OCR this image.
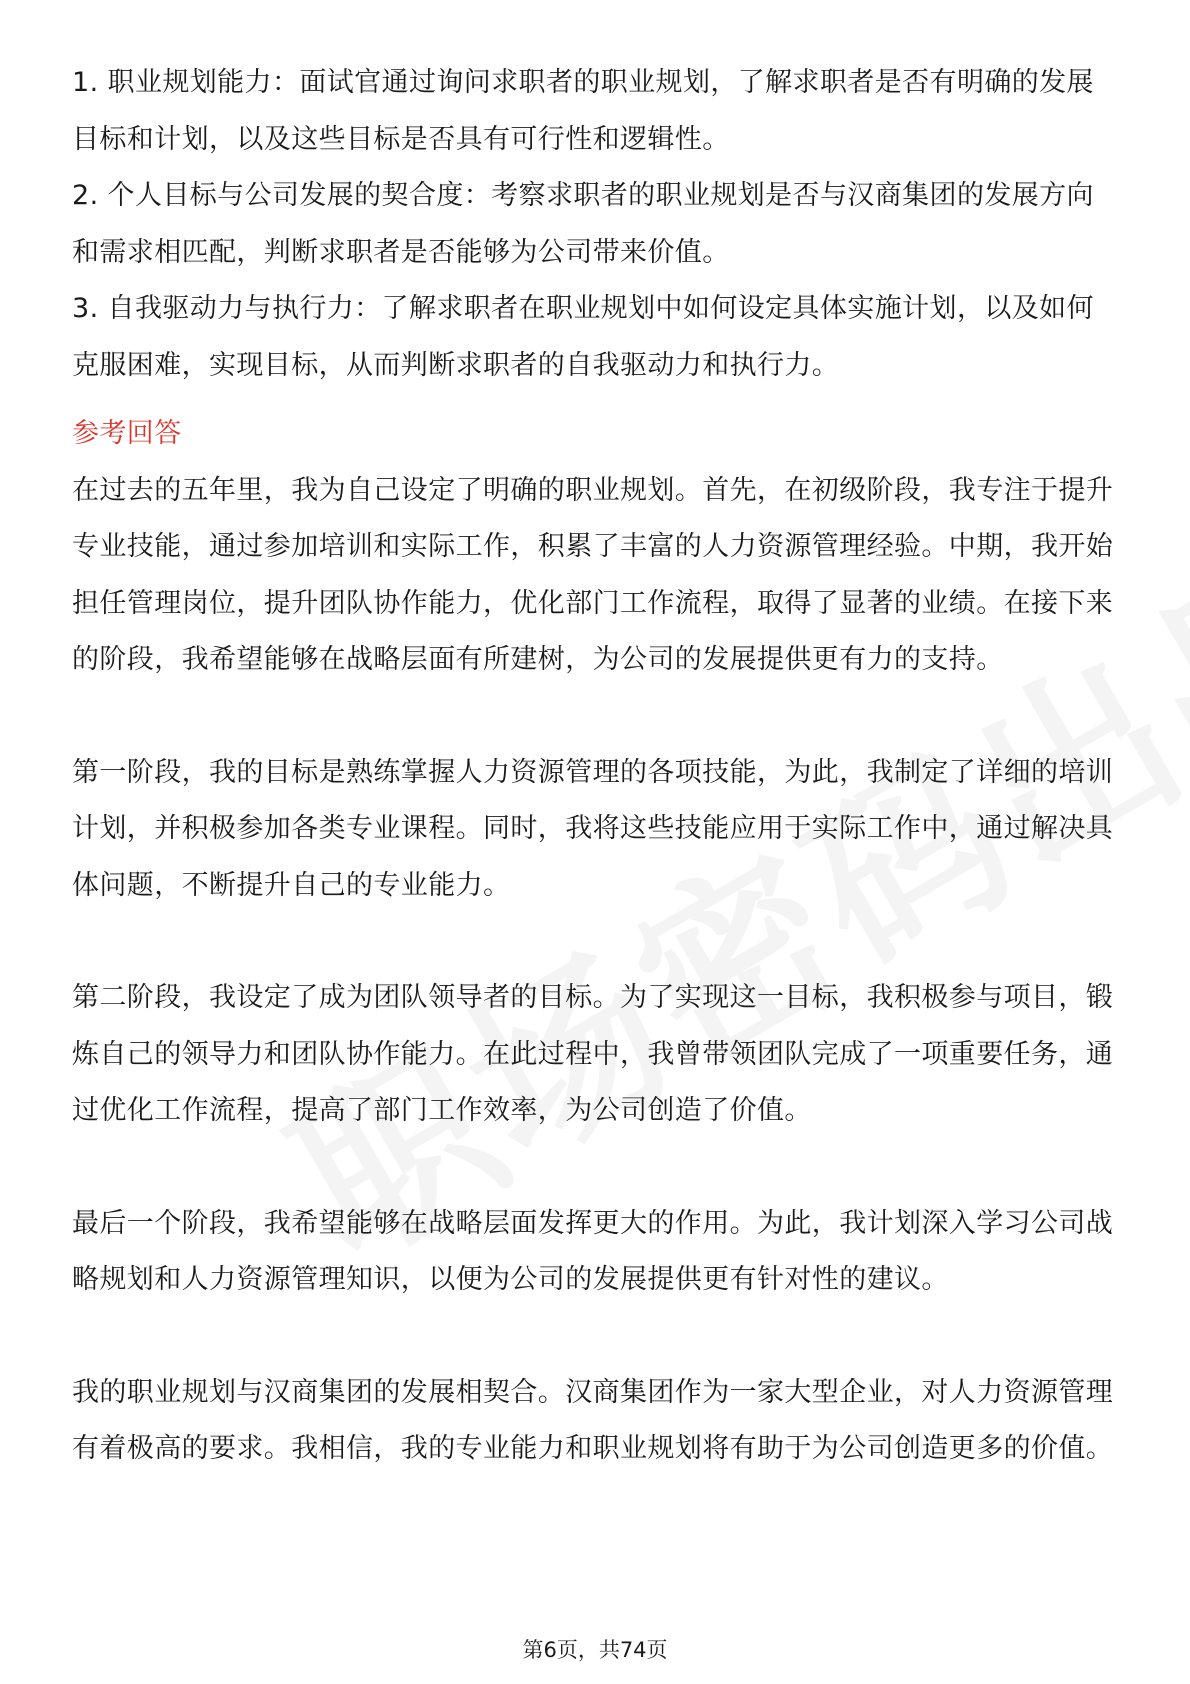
1. 职业规划能力：面试官通过询问求职者的职业规划，了解求职者是否有明确的发展目标和计划，以及这些目标是否具有可行性和逻辑性。

2. 个人目标与公司发展的契合度：考察求职者的职业规划是否与汉商集团的发展方向和需求相匹配，判断求职者是否能够为公司带来价值。

3. 自我驱动力与执行力：了解求职者在职业规划中如何设定具体实施计划，以及如何克服困难，实现目标，从而判断求职者的自我驱动力和执行力。

参考回答

在过去的五年里，我为自己设定了明确的职业规划。首先，在初级阶段，我专注于提升专业技能，通过参加培训和实际工作，积累了丰富的人力资源管理经验。中期，我开始担任管理岗位，提升团队协作能力，优化部门工作流程，取得了显著的业绩。在接下来的阶段，我希望能够在战略层面有所建树，为公司的发展提供更有力的支持。

第一阶段，我的目标是熟练掌握人力资源管理的各项技能，为此，我制定了详细的培训计划，并积极参加各类专业课程。同时，我将这些技能应用于实际工作中，通过解决具体问题，不断提升自己的专业能力。

第二阶段，我设定了成为团队领导者的目标。为了实现这一目标，我积极参与项目，锻炼自己的领导力和团队协作能力。在此过程中，我曾带领团队完成了一项重要任务，通过优化工作流程，提高了部门工作效率，为公司创造了价值。

最后一个阶段，我希望能够在战略层面发挥更大的作用。为此，我计划深入学习公司战略规划和人力资源管理知识，以便为公司的发展提供更有针对性的建议。

我的职业规划与汉商集团的发展相契合。汉商集团作为一家大型企业，对人力资源管理有着极高的要求。我相信，我的专业能力和职业规划将有助于为公司创造更多的价值。

第6页，共74页
